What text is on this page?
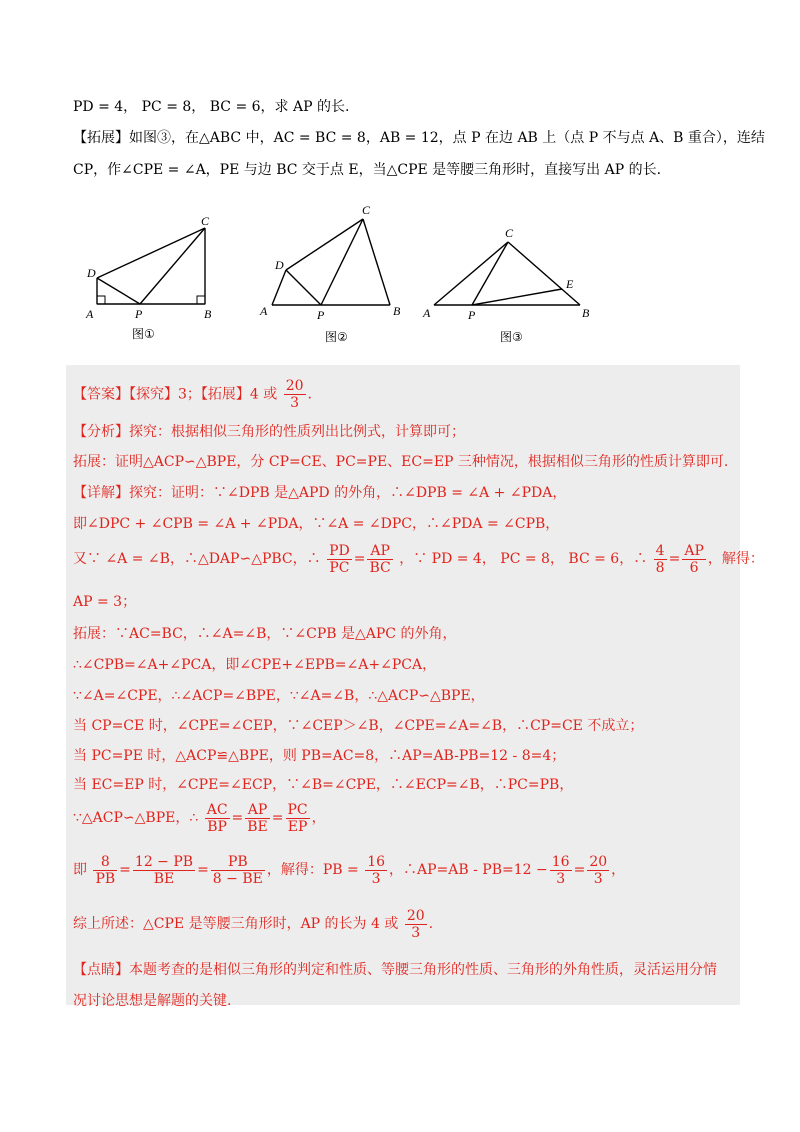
PD = 4， PC = 8， BC = 6，求 AP 的长.
【拓展】如图③，在△ABC 中，AC = BC = 8，AB = 12，点 P 在边 AB 上（点 P 不与点 A、B 重合），连结
CP，作∠CPE = ∠A，PE 与边 BC 交于点 E，当△CPE 是等腰三角形时，直接写出 AP 的长.
A	B
C
D
P
图①
A	B
C
D
P
图②
A	B
C
E
P
图③
【答案】【探究】3；【拓展】4 或 $\frac{20}{3}$ .
【分析】探究：根据相似三角形的性质列出比例式，计算即可；
拓展：证明△ACP∽△BPE，分 CP=CE、PC=PE、EC=EP 三种情况，根据相似三角形的性质计算即可.
【详解】探究：证明：∵∠DPB 是△APD 的外角，∴∠DPB = ∠A + ∠PDA，
即∠DPC + ∠CPB = ∠A + ∠PDA，∵∠A = ∠DPC，∴∠PDA = ∠CPB，
又∵ ∠A = ∠B，∴△DAP∽△PBC，∴ $\frac{PD}{PC} = \frac{AP}{BC}$ ，∵ PD = 4， PC = 8， BC = 6，∴ $\frac{4}{8} = \frac{AP}{6}$ ，解得：
AP = 3；
拓展：∵AC=BC，∴∠A=∠B，∵∠CPB 是△APC 的外角，
∴∠CPB=∠A+∠PCA，即∠CPE+∠EPB=∠A+∠PCA，
∵∠A=∠CPE，∴∠ACP=∠BPE，∵∠A=∠B，∴△ACP∽△BPE，
当 CP=CE 时，∠CPE=∠CEP，∵∠CEP＞∠B，∠CPE=∠A=∠B，∴CP=CE 不成立；
当 PC=PE 时，△ACP≌△BPE，则 PB=AC=8，∴AP=AB-PB=12 - 8=4；
当 EC=EP 时，∠CPE=∠ECP，∵∠B=∠CPE，∴∠ECP=∠B，∴PC=PB，
∵△ACP∽△BPE，∴ $\frac{AC}{BP} = \frac{AP}{BE} = \frac{PC}{EP}$ ，
即 $\frac{8}{PB} = \frac{12 - PB}{BE} = \frac{PB}{8 - BE}$ ，解得：PB = $\frac{16}{3}$ ，∴AP=AB - $PB=12 - \frac{16}{3} = \frac{20}{3}$ ，
综上所述：△CPE 是等腰三角形时，AP 的长为 4 或 $\frac{20}{3}$ .
【点睛】本题考查的是相似三角形的判定和性质、等腰三角形的性质、三角形的外角性质，灵活运用分情
况讨论思想是解题的关键.
